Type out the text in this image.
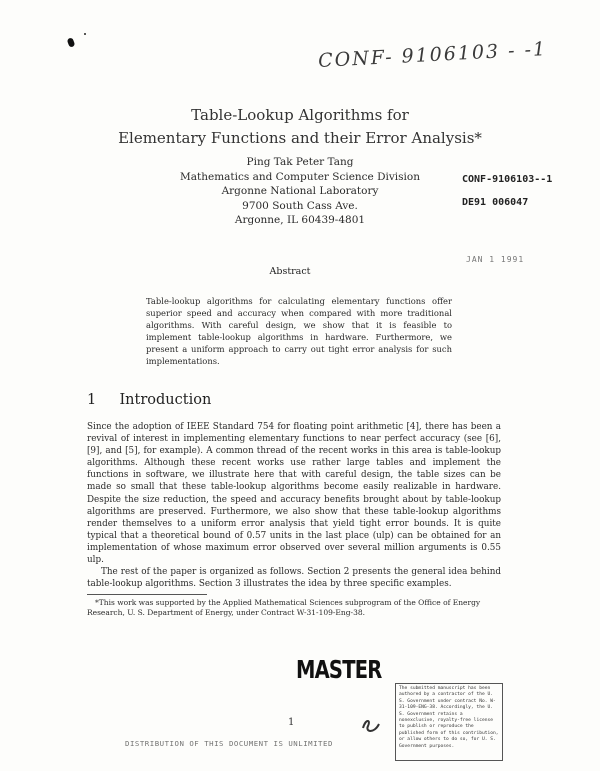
CONF- 9106103 - -1
Table-Lookup Algorithms for
Elementary Functions and their Error Analysis*
Ping Tak Peter Tang
Mathematics and Computer Science Division
Argonne National Laboratory
9700 South Cass Ave.
Argonne, IL 60439-4801
CONF-9106103--1
DE91 006047
JAN 1 1991
Abstract
Table-lookup algorithms for calculating elementary functions offer superior speed and accuracy when compared with more traditional algorithms. With careful design, we show that it is feasible to implement table-lookup algorithms in hardware. Furthermore, we present a uniform approach to carry out tight error analysis for such implementations.
1 Introduction

Since the adoption of IEEE Standard 754 for floating point arithmetic [4], there has been a revival of interest in implementing elementary functions to near perfect accuracy (see [6], [9], and [5], for example). A common thread of the recent works in this area is table-lookup algorithms. Although these recent works use rather large tables and implement the functions in software, we illustrate here that with careful design, the table sizes can be made so small that these table-lookup algorithms become easily realizable in hardware. Despite the size reduction, the speed and accuracy benefits brought about by table-lookup algorithms are preserved. Furthermore, we also show that these table-lookup algorithms render themselves to a uniform error analysis that yield tight error bounds. It is quite typical that a theoretical bound of 0.57 units in the last place (ulp) can be obtained for an implementation of whose maximum error observed over several million arguments is 0.55 ulp.

The rest of the paper is organized as follows. Section 2 presents the general idea behind table-lookup algorithms. Section 3 illustrates the idea by three specific examples.

*This work was supported by the Applied Mathematical Sciences subprogram of the Office of Energy Research, U. S. Department of Energy, under Contract W-31-109-Eng-38.
MASTER
The submitted manuscript has been authored by a contractor of the U. S. Government under contract No. W-31-109-ENG-38. Accordingly, the U. S. Government retains a nonexclusive, royalty-free license to publish or reproduce the published form of this contribution, or allow others to do so, for U. S. Government purposes.
1
DISTRIBUTION OF THIS DOCUMENT IS UNLIMITED
